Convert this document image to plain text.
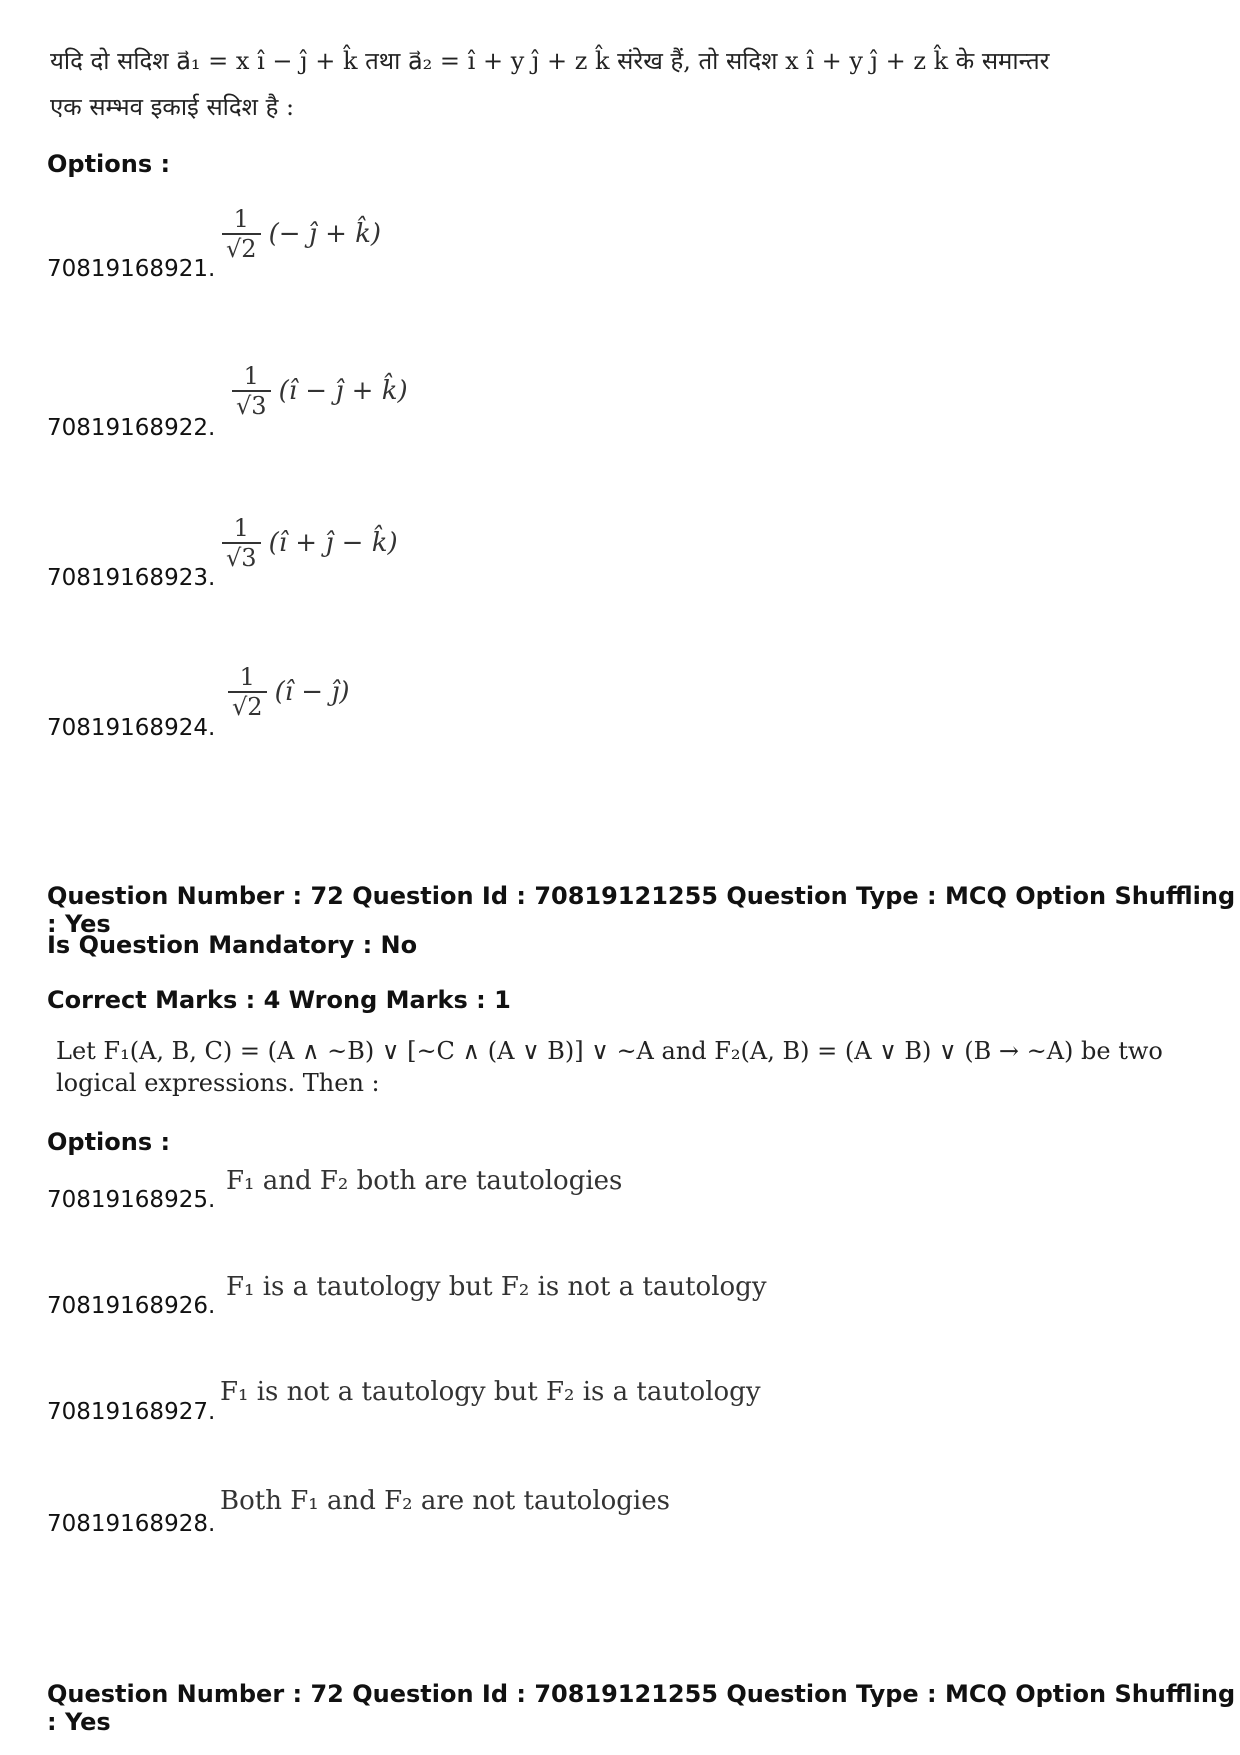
यदि दो सदिश a⃗₁ = x î − ĵ + k̂ तथा a⃗₂ = î + y ĵ + z k̂ संरेख हैं, तो सदिश x î + y ĵ + z k̂ के समान्तर
एक सम्भव इकाई सदिश है :
Options :
70819168921.
$\frac{1}{√2}$ (− ĵ + k̂)
70819168922.
$\frac{1}{√3}$ (î − ĵ + k̂)
70819168923.
$\frac{1}{√3}$ (î + ĵ − k̂)
70819168924.
$\frac{1}{√2}$ (î − ĵ)
Question Number : 72 Question Id : 70819121255 Question Type : MCQ Option Shuffling : Yes
Is Question Mandatory : No
Correct Marks : 4 Wrong Marks : 1
Let F₁(A, B, C) = (A ∧ ~B) ∨ [~C ∧ (A ∨ B)] ∨ ~A and F₂(A, B) = (A ∨ B) ∨ (B → ~A) be two
logical expressions. Then :
Options :
70819168925.
F₁ and F₂ both are tautologies
70819168926.
F₁ is a tautology but F₂ is not a tautology
70819168927.
F₁ is not a tautology but F₂ is a tautology
70819168928.
Both F₁ and F₂ are not tautologies
Question Number : 72 Question Id : 70819121255 Question Type : MCQ Option Shuffling : Yes
